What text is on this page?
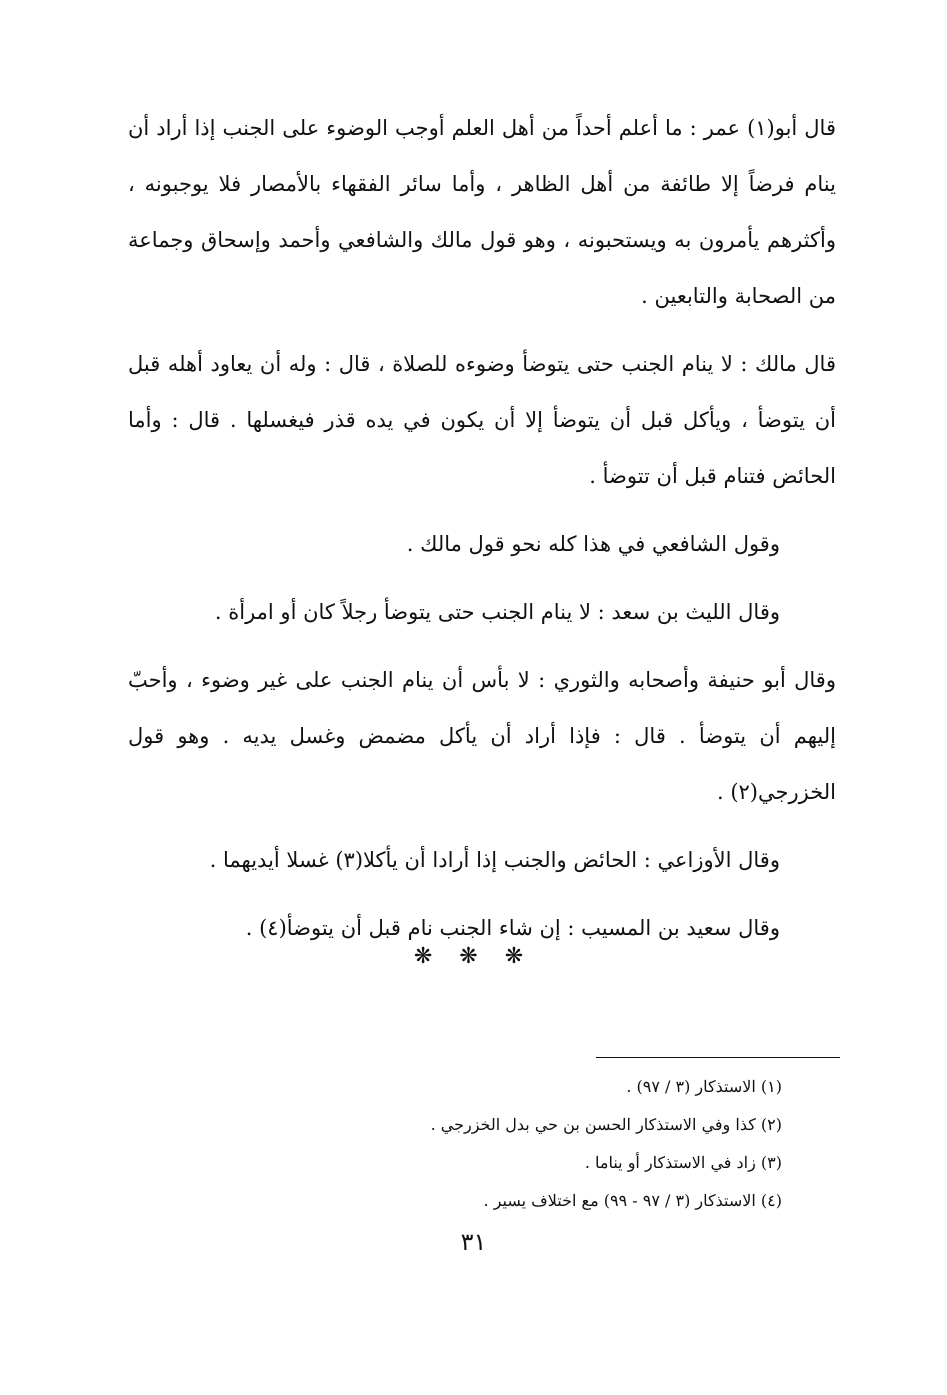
قال أبو(١) عمر : ما أعلم أحداً من أهل العلم أوجب الوضوء على الجنب إذا أراد أن ينام فرضاً إلا طائفة من أهل الظاهر ، وأما سائر الفقهاء بالأمصار فلا يوجبونه ، وأكثرهم يأمرون به ويستحبونه ، وهو قول مالك والشافعي وأحمد وإسحاق وجماعة من الصحابة والتابعين .

قال مالك : لا ينام الجنب حتى يتوضأ وضوءه للصلاة ، قال : وله أن يعاود أهله قبل أن يتوضأ ، ويأكل قبل أن يتوضأ إلا أن يكون في يده قذر فيغسلها . قال : وأما الحائض فتنام قبل أن تتوضأ .

وقول الشافعي في هذا كله نحو قول مالك .

وقال الليث بن سعد : لا ينام الجنب حتى يتوضأ رجلاً كان أو امرأة .

وقال أبو حنيفة وأصحابه والثوري : لا بأس أن ينام الجنب على غير وضوء ، وأحبّ إليهم أن يتوضأ . قال : فإذا أراد أن يأكل مضمض وغسل يديه . وهو قول الخزرجي(٢) .

وقال الأوزاعي : الحائض والجنب إذا أرادا أن يأكلا(٣) غسلا أيديهما .

وقال سعيد بن المسيب : إن شاء الجنب نام قبل أن يتوضأ(٤) .

❋ ❋ ❋
(١) الاستذكار (٣ / ٩٧) .
(٢) كذا وفي الاستذكار الحسن بن حي بدل الخزرجي .
(٣) زاد في الاستذكار أو يناما .
(٤) الاستذكار (٣ / ٩٧ - ٩٩) مع اختلاف يسير .
٣١
